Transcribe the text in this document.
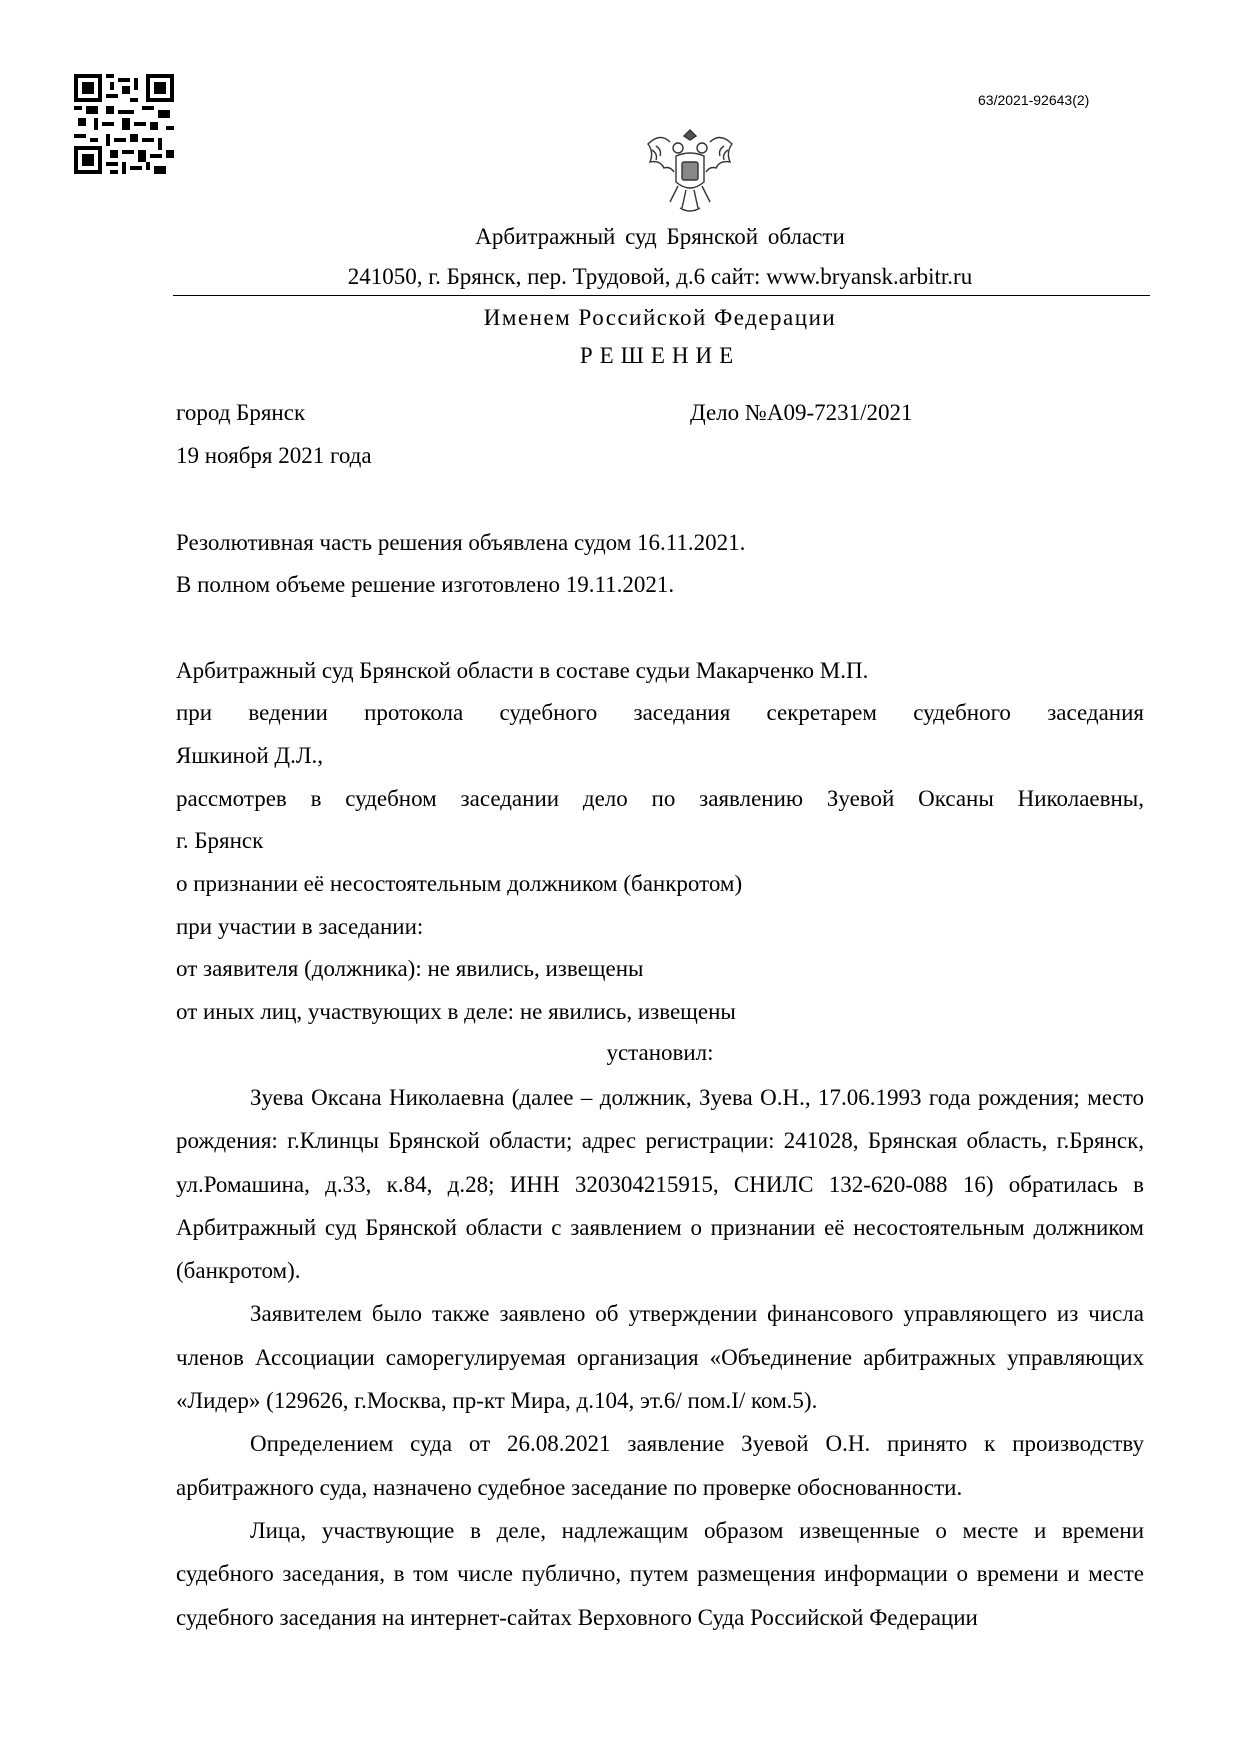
63/2021-92643(2)
Арбитражный суд Брянской области
241050, г. Брянск, пер. Трудовой, д.6 сайт: www.bryansk.arbitr.ru
Именем Российской Федерации
РЕШЕНИЕ
город Брянск	Дело №А09-7231/2021
19 ноября 2021 года
Резолютивная часть решения объявлена судом 16.11.2021.
В полном объеме решение изготовлено 19.11.2021.
Арбитражный суд Брянской области в составе судьи Макарченко М.П.
при ведении протокола судебного заседания секретарем судебного заседания
Яшкиной Д.Л.,
рассмотрев в судебном заседании дело по заявлению Зуевой Оксаны Николаевны,
г. Брянск
о признании её несостоятельным должником (банкротом)
при участии в заседании:
от заявителя (должника): не явились, извещены
от иных лиц, участвующих в деле: не явились, извещены
установил:

Зуева Оксана Николаевна (далее – должник, Зуева О.Н., 17.06.1993 года рождения; место рождения: г.Клинцы Брянской области; адрес регистрации: 241028, Брянская область, г.Брянск, ул.Ромашина, д.33, к.84, д.28; ИНН 320304215915, СНИЛС 132-620-088 16) обратилась в Арбитражный суд Брянской области с заявлением о признании её несостоятельным должником (банкротом).

Заявителем было также заявлено об утверждении финансового управляющего из числа членов Ассоциации саморегулируемая организация «Объединение арбитражных управляющих «Лидер» (129626, г.Москва, пр-кт Мира, д.104, эт.6/ пом.I/ ком.5).

Определением суда от 26.08.2021 заявление Зуевой О.Н. принято к производству арбитражного суда, назначено судебное заседание по проверке обоснованности.

Лица, участвующие в деле, надлежащим образом извещенные о месте и времени судебного заседания, в том числе публично, путем размещения информации о времени и месте судебного заседания на интернет-сайтах Верховного Суда Российской Федерации
